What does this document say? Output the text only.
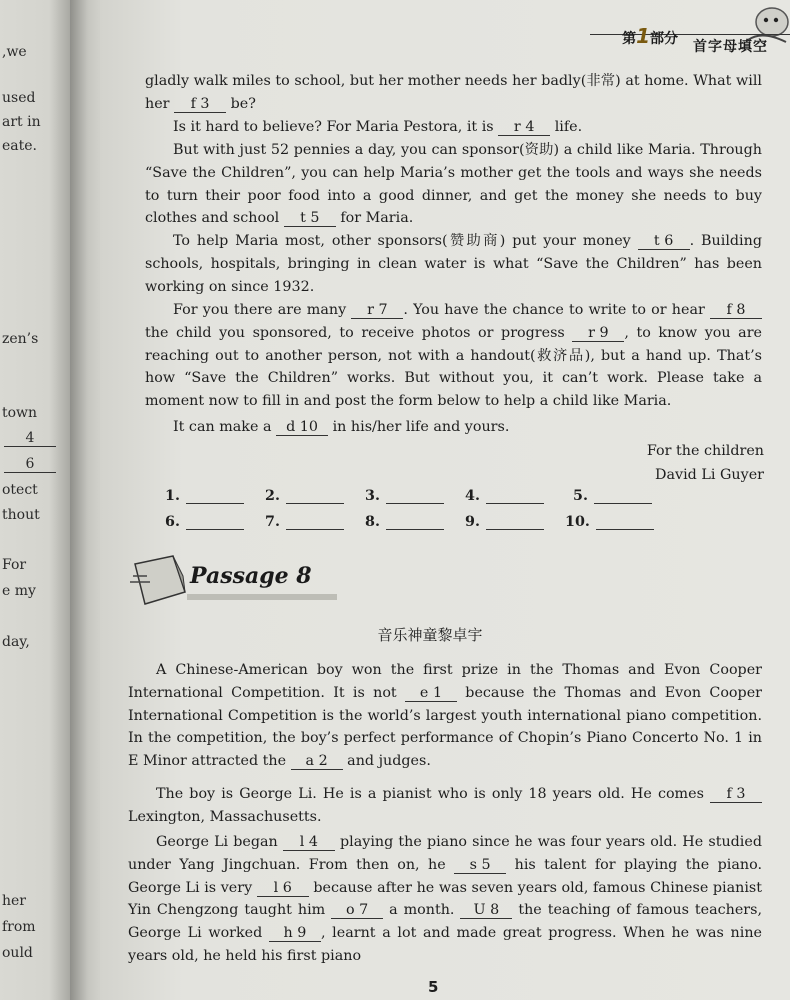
,we
used
art in
eate.
zen’s
town
4
6
otect
thout
For
e my
day,
her
from
ould
第1部分 首字母填空

gladly walk miles to school, but her mother needs her badly(非常) at home. What will her f 3 be?

Is it hard to believe? For Maria Pestora, it is r 4 life.

But with just 52 pennies a day, you can sponsor(资助) a child like Maria. Through “Save the Children”, you can help Maria’s mother get the tools and ways she needs to turn their poor food into a good dinner, and get the money she needs to buy clothes and school t 5 for Maria.

To help Maria most, other sponsors(赞助商) put your money t 6 . Building schools, hospitals, bringing in clean water is what “Save the Children” has been working on since 1932.

For you there are many r 7 . You have the chance to write to or hear f 8 the child you sponsored, to receive photos or progress r 9 , to know you are reaching out to another person, not with a handout(救济品), but a hand up. That’s how “Save the Children” works. But without you, it can’t work. Please take a moment now to fill in and post the form below to help a child like Maria.

It can make a d 10 in his/her life and yours.

For the children
David Li Guyer
1.	2.	3.	4.	5.
6.	7.	8.	9.	10.
Passage 8
音乐神童黎卓宇

A Chinese-American boy won the first prize in the Thomas and Evon Cooper International Competition. It is not e 1 because the Thomas and Evon Cooper International Competition is the world’s largest youth international piano competition. In the competition, the boy’s perfect performance of Chopin’s Piano Concerto No. 1 in E Minor attracted the a 2 and judges.

The boy is George Li. He is a pianist who is only 18 years old. He comes f 3 Lexington, Massachusetts.

George Li began l 4 playing the piano since he was four years old. He studied under Yang Jingchuan. From then on, he s 5 his talent for playing the piano. George Li is very l 6 because after he was seven years old, famous Chinese pianist Yin Chengzong taught him o 7 a month. U 8 the teaching of famous teachers, George Li worked h 9 , learnt a lot and made great progress. When he was nine years old, he held his first piano

5
